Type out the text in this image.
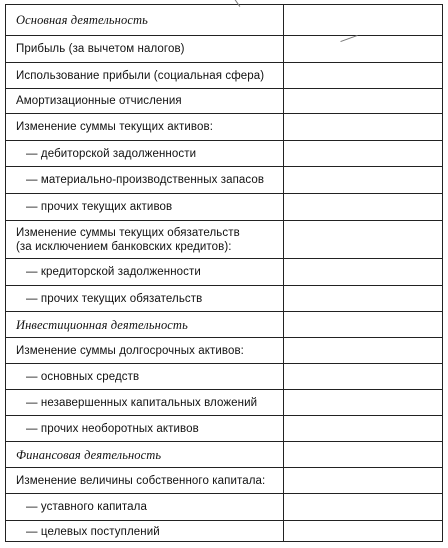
Основная деятельность
Прибыль (за вычетом налогов)
Использование прибыли (социальная сфера)
Амортизационные отчисления
Изменение суммы текущих активов:
— дебиторской задолженности
— материально-производственных запасов
— прочих текущих активов
Изменение суммы текущих обязательств
(за исключением банковских кредитов):
— кредиторской задолженности
— прочих текущих обязательств
Инвестиционная деятельность
Изменение суммы долгосрочных активов:
— основных средств
— незавершенных капитальных вложений
— прочих необоротных активов
Финансовая деятельность
Изменение величины собственного капитала:
— уставного капитала
— целевых поступлений
